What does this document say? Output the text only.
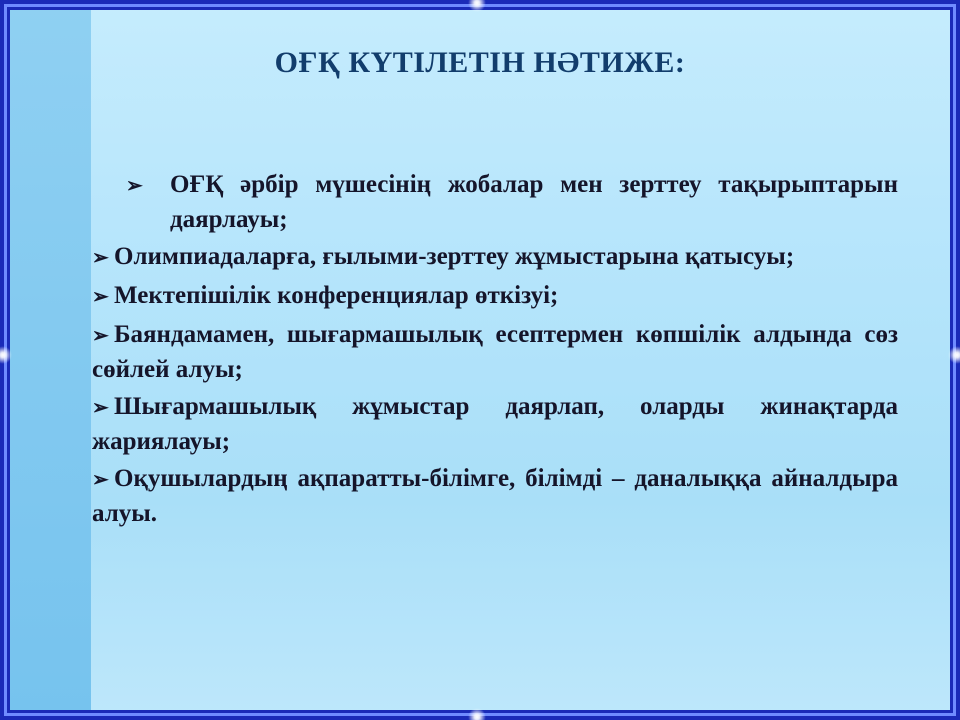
ОҒҚ КҮТІЛЕТІН НӘТИЖЕ:

➢ ОҒҚ әрбір мүшесінің жобалар мен зерттеу тақырыптарын даярлауы;

➢ Олимпиадаларға, ғылыми-зерттеу жұмыстарына қатысуы;

➢ Мектепішілік конференциялар өткізуі;

➢ Баяндамамен, шығармашылық есептермен көпшілік алдында сөз сөйлей алуы;

➢ Шығармашылық жұмыстар даярлап, оларды жинақтарда жариялауы;

➢ Оқушылардың ақпаратты-білімге, білімді – даналыққа айналдыра алуы.
